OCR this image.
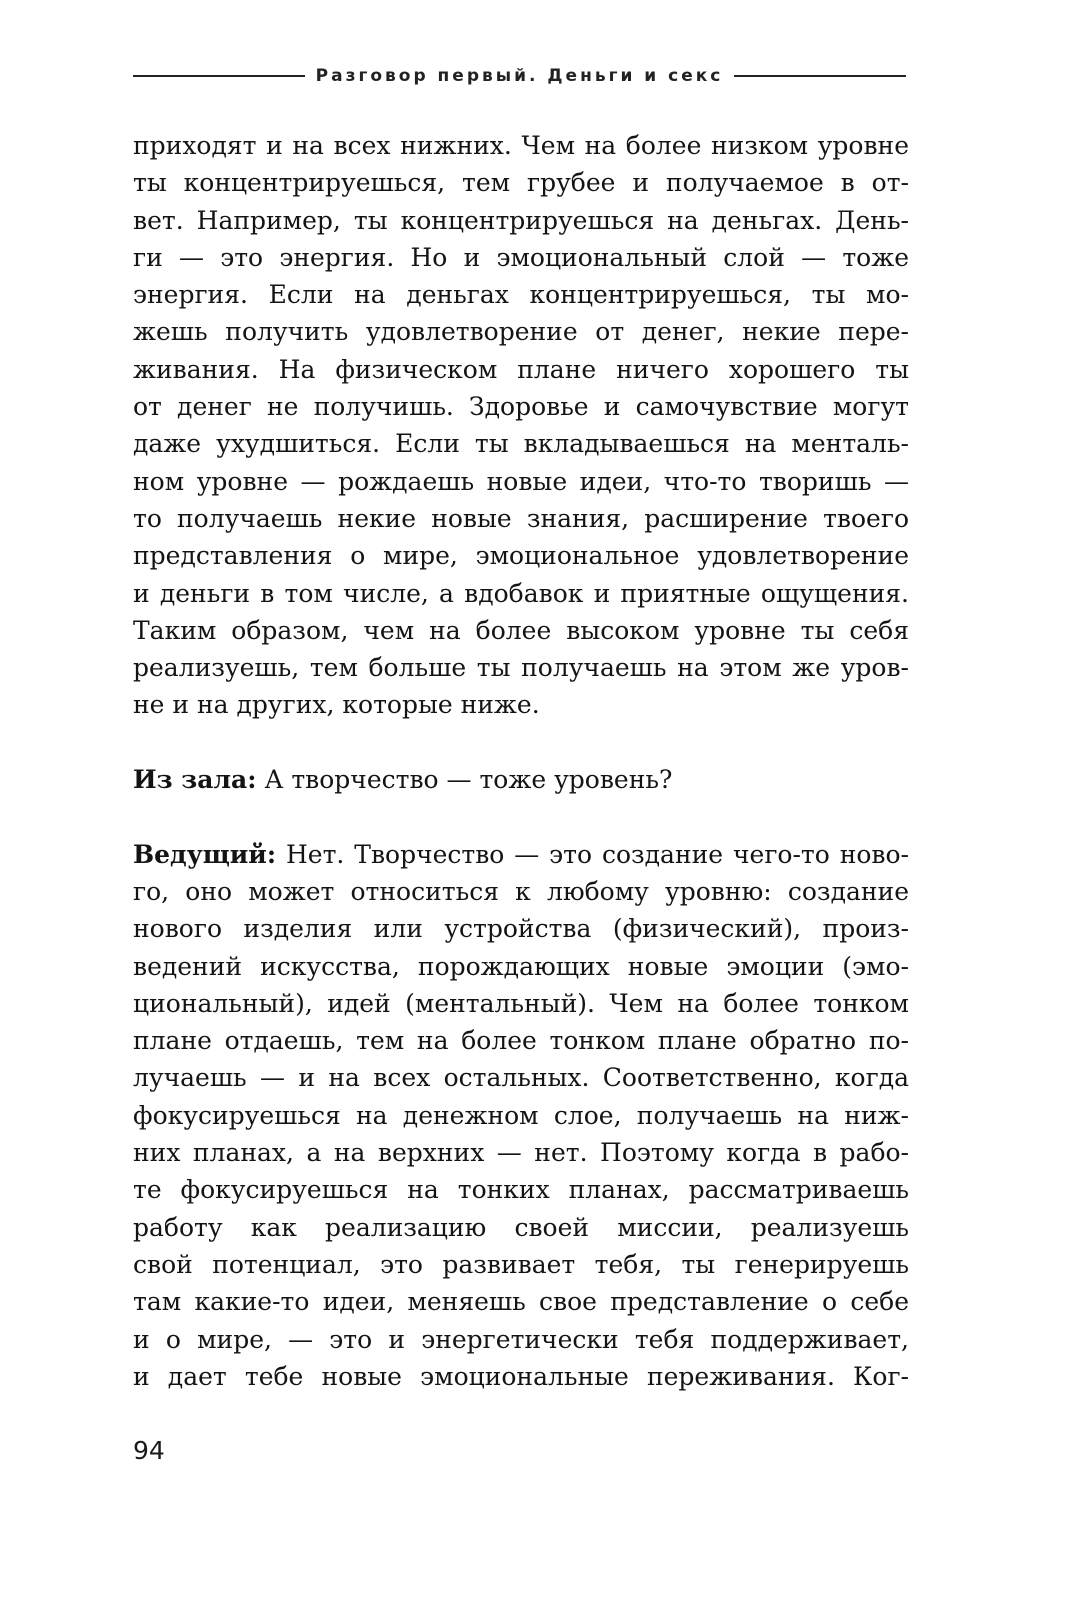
Разговор первый. Деньги и секс
приходят и на всех нижних. Чем на более низком уровне
ты концентрируешься, тем грубее и получаемое в от-
вет. Например, ты концентрируешься на деньгах. День-
ги — это энергия. Но и эмоциональный слой — тоже
энергия. Если на деньгах концентрируешься, ты мо-
жешь получить удовлетворение от денег, некие пере-
живания. На физическом плане ничего хорошего ты
от денег не получишь. Здоровье и самочувствие могут
даже ухудшиться. Если ты вкладываешься на менталь-
ном уровне — рождаешь новые идеи, что-то творишь —
то получаешь некие новые знания, расширение твоего
представления о мире, эмоциональное удовлетворение
и деньги в том числе, а вдобавок и приятные ощущения.
Таким образом, чем на более высоком уровне ты себя
реализуешь, тем больше ты получаешь на этом же уров-
не и на других, которые ниже.
Из зала: А творчество — тоже уровень?
Ведущий: Нет. Творчество — это создание чего-то ново-
го, оно может относиться к любому уровню: создание
нового изделия или устройства (физический), произ-
ведений искусства, порождающих новые эмоции (эмо-
циональный), идей (ментальный). Чем на более тонком
плане отдаешь, тем на более тонком плане обратно по-
лучаешь — и на всех остальных. Соответственно, когда
фокусируешься на денежном слое, получаешь на ниж-
них планах, а на верхних — нет. Поэтому когда в рабо-
те фокусируешься на тонких планах, рассматриваешь
работу как реализацию своей миссии, реализуешь
свой потенциал, это развивает тебя, ты генерируешь
там какие-то идеи, меняешь свое представление о себе
и о мире, — это и энергетически тебя поддерживает,
и дает тебе новые эмоциональные переживания. Ког-
94
